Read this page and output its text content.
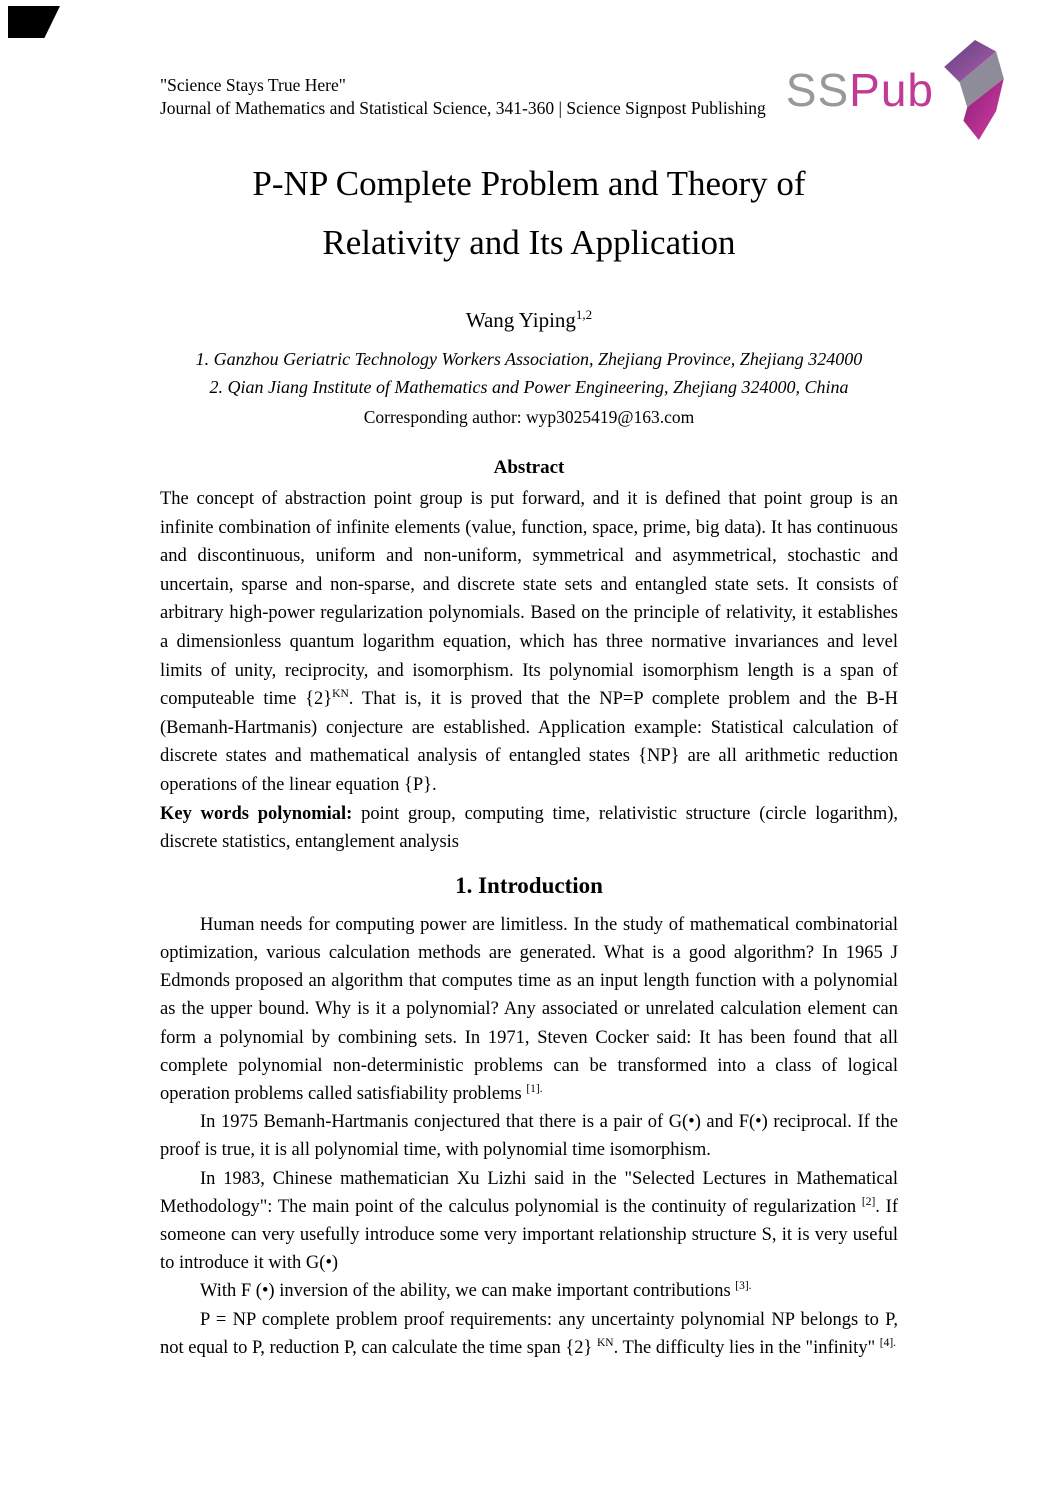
"Science Stays True Here"
Journal of Mathematics and Statistical Science, 341-360 | Science Signpost Publishing SSPub
P-NP Complete Problem and Theory of
Relativity and Its Application
Wang Yiping$^{1,2}$
1. Ganzhou Geriatric Technology Workers Association, Zhejiang Province, Zhejiang 324000
2. Qian Jiang Institute of Mathematics and Power Engineering, Zhejiang 324000, China
Corresponding author: wyp3025419@163.com
Abstract
The concept of abstraction point group is put forward, and it is defined that point group is an infinite combination of infinite elements (value, function, space, prime, big data). It has continuous and discontinuous, uniform and non-uniform, symmetrical and asymmetrical, stochastic and uncertain, sparse and non-sparse, and discrete state sets and entangled state sets. It consists of arbitrary high-power regularization polynomials. Based on the principle of relativity, it establishes a dimensionless quantum logarithm equation, which has three normative invariances and level limits of unity, reciprocity, and isomorphism. Its polynomial isomorphism length is a span of computeable time $\{2\}^{KN}$. That is, it is proved that the NP=P complete problem and the B-H (Bemanh-Hartmanis) conjecture are established. Application example: Statistical calculation of discrete states and mathematical analysis of entangled states {NP} are all arithmetic reduction operations of the linear equation {P}.
Key words polynomial: point group, computing time, relativistic structure (circle logarithm), discrete statistics, entanglement analysis
1. Introduction

Human needs for computing power are limitless. In the study of mathematical combinatorial optimization, various calculation methods are generated. What is a good algorithm? In 1965 J Edmonds proposed an algorithm that computes time as an input length function with a polynomial as the upper bound. Why is it a polynomial? Any associated or unrelated calculation element can form a polynomial by combining sets. In 1971, Steven Cocker said: It has been found that all complete polynomial non-deterministic problems can be transformed into a class of logical operation problems called satisfiability problems $^{[1].}$

In 1975 Bemanh-Hartmanis conjectured that there is a pair of G(•) and F(•) reciprocal. If the proof is true, it is all polynomial time, with polynomial time isomorphism.

In 1983, Chinese mathematician Xu Lizhi said in the "Selected Lectures in Mathematical Methodology": The main point of the calculus polynomial is the continuity of regularization [2]. If someone can very usefully introduce some very important relationship structure S, it is very useful to introduce it with G(•)

With F (•) inversion of the ability, we can make important contributions $^{[3].}$

P = NP complete problem proof requirements: any uncertainty polynomial NP belongs to P, not equal to P, reduction P, can calculate the time span {2} $^{KN}$. The difficulty lies in the "infinity" $^{[4].}$
